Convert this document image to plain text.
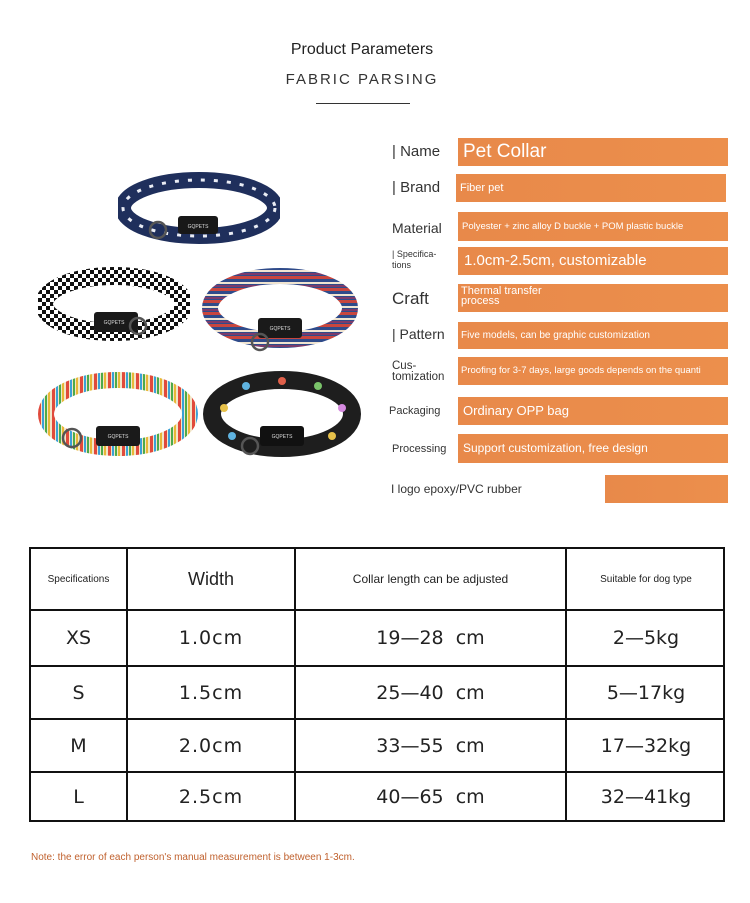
Product Parameters
FABRIC PARSING
GQPETS
GQPETS
GQPETS
GQPETS	GQPETS
| Name Pet Collar
| Brand	Fiber pet
Material	Polyester + zinc alloy D buckle + POM plastic buckle
| Specifica-
tions	1.0cm-2.5cm, customizable
Craft	Thermal transfer
process
| Pattern	Five models, can be graphic customization
Cus-
tomization
Proofing for 3-7 days, large goods depends on the quanti
Packaging	Ordinary OPP bag
Processing	Support customization, free design
I logo epoxy/PVC rubber
Specifications	Width	Collar length can be adjusted	Suitable for dog type
XS	1.0cm	19—28  cm	2—5kg
S	1.5cm	25—40  cm	5—17kg
M	2.0cm	33—55  cm	17—32kg
L	2.5cm	40—65  cm	32—41kg
Note: the error of each person's manual measurement is between 1-3cm.
